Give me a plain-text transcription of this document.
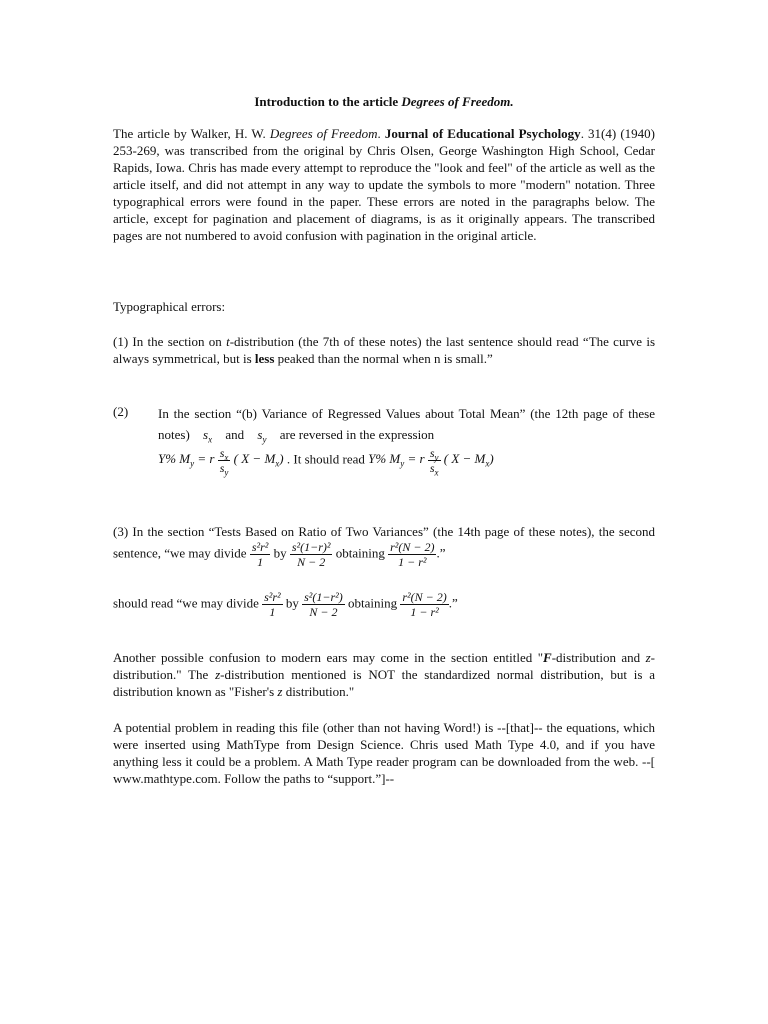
Introduction to the article Degrees of Freedom.
The article by Walker, H. W. Degrees of Freedom. Journal of Educational Psychology. 31(4) (1940) 253-269, was transcribed from the original by Chris Olsen, George Washington High School, Cedar Rapids, Iowa. Chris has made every attempt to reproduce the "look and feel" of the article as well as the article itself, and did not attempt in any way to update the symbols to more "modern" notation. Three typographical errors were found in the paper. These errors are noted in the paragraphs below. The article, except for pagination and placement of diagrams, is as it originally appears. The transcribed pages are not numbered to avoid confusion with pagination in the original article.
Typographical errors:
(1) In the section on t-distribution (the 7th of these notes) the last sentence should read “The curve is always symmetrical, but is less peaked than the normal when n is small.”
(2) In the section “(b) Variance of Regressed Values about Total Mean” (the 12th page of these notes) $s_x$ and $s_y$ are reversed in the expression
Y% $M_y = r \frac{s_x}{s_y}$ ( $X - M_x$) . It should read Y% $M_y = r \frac{s_y}{s_x}$ ( $X - M_x$)
(3) In the section “Tests Based on Ratio of Two Variances” (the 14th page of these notes), the second sentence, “we may divide $\frac{\text{s²r²}}{1}$ by $\frac{\text{s²(1−r)²}}{N - 2}$ obtaining $\frac{\text{r²(N − 2)}}{\text{1 − r²}}$ .”
should read “we may divide $\frac{\text{s²r²}}{1}$ by $\frac{\text{s²(1−r²)}}{N - 2}$ obtaining $\frac{\text{r²(N − 2)}}{\text{1 − r²}}$ .”
Another possible confusion to modern ears may come in the section entitled "F-distribution and z-distribution." The z-distribution mentioned is NOT the standardized normal distribution, but is a distribution known as "Fisher's z distribution."
A potential problem in reading this file (other than not having Word!) is --[that]-- the equations, which were inserted using MathType from Design Science. Chris used Math Type 4.0, and if you have anything less it could be a problem. A Math Type reader program can be downloaded from the web. --[ www.mathtype.com. Follow the paths to “support.”]--
